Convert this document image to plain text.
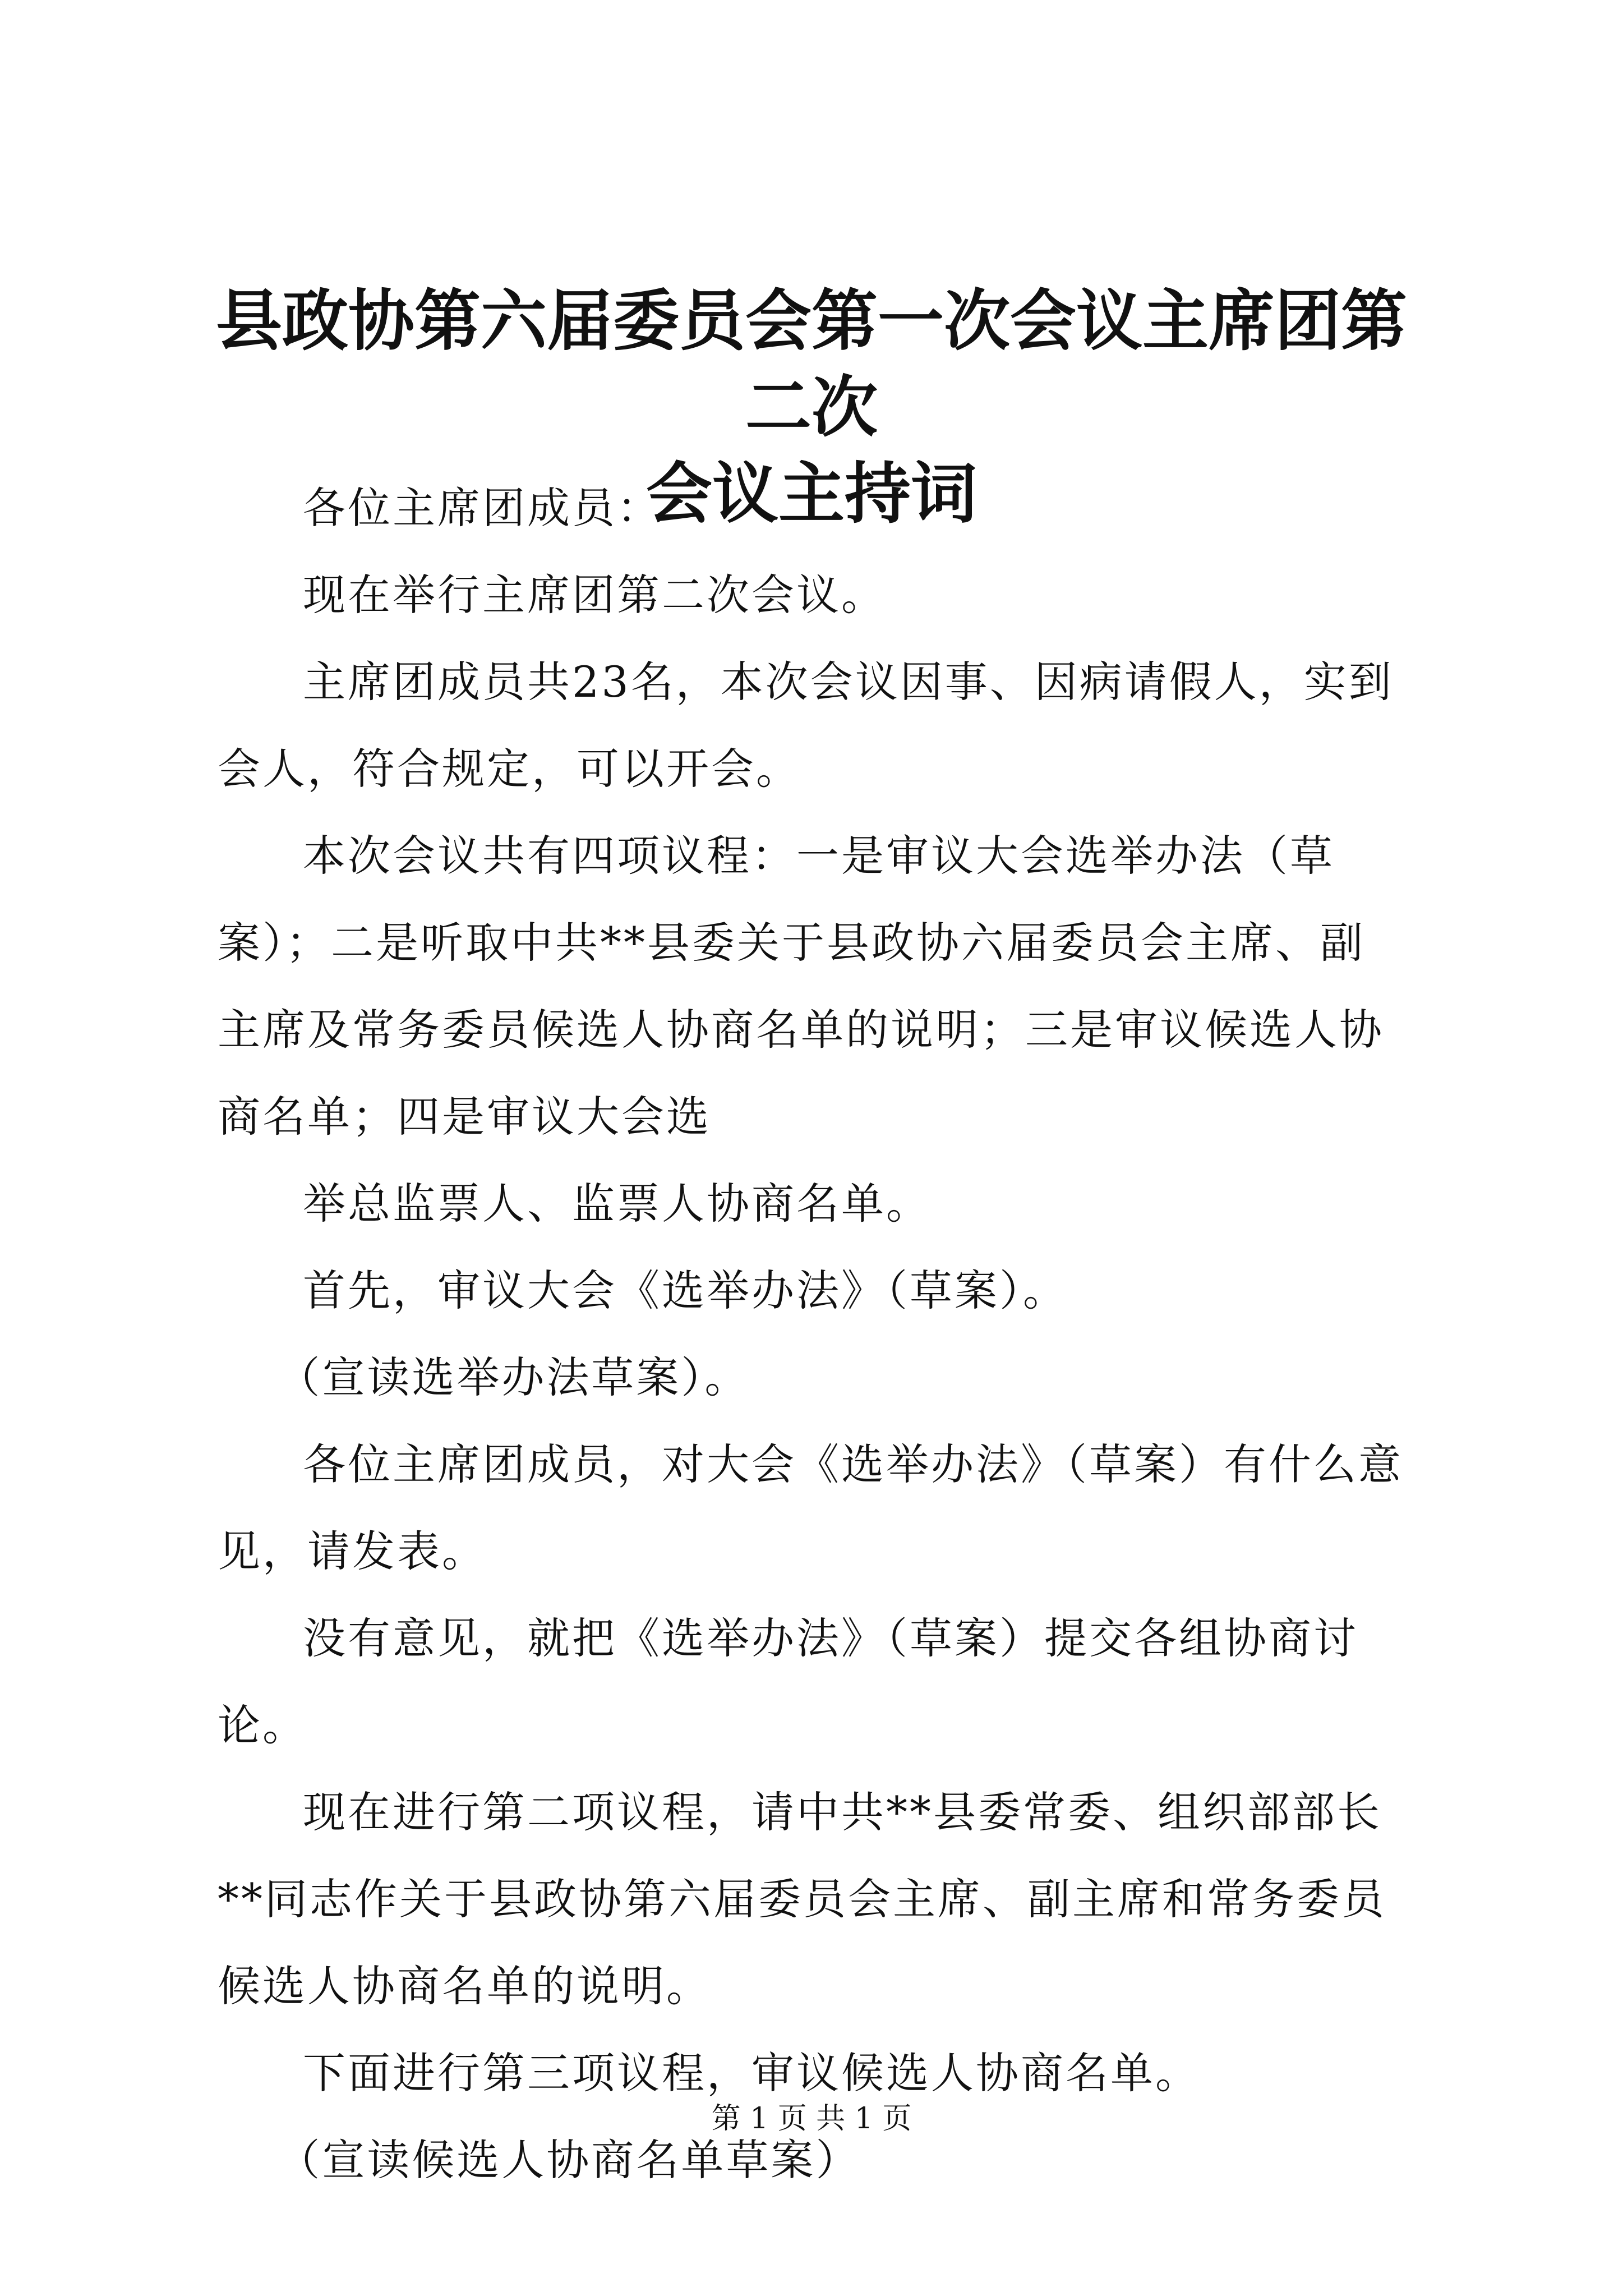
县政协第六届委员会第一次会议主席团第二次
会议主持词

各位主席团成员：

现在举行主席团第二次会议。

主席团成员共23名，本次会议因事、因病请假人，实到会人，符合规定，可以开会。

本次会议共有四项议程：一是审议大会选举办法（草案）；二是听取中共**县委关于县政协六届委员会主席、副主席及常务委员候选人协商名单的说明；三是审议候选人协商名单；四是审议大会选

举总监票人、监票人协商名单。

首先，审议大会《选举办法》（草案）。

（宣读选举办法草案）。

各位主席团成员，对大会《选举办法》（草案）有什么意见，请发表。

没有意见，就把《选举办法》（草案）提交各组协商讨论。

现在进行第二项议程，请中共**县委常委、组织部部长**同志作关于县政协第六届委员会主席、副主席和常务委员候选人协商名单的说明。

下面进行第三项议程，审议候选人协商名单。

（宣读候选人协商名单草案）

第 1 页 共 1 页
